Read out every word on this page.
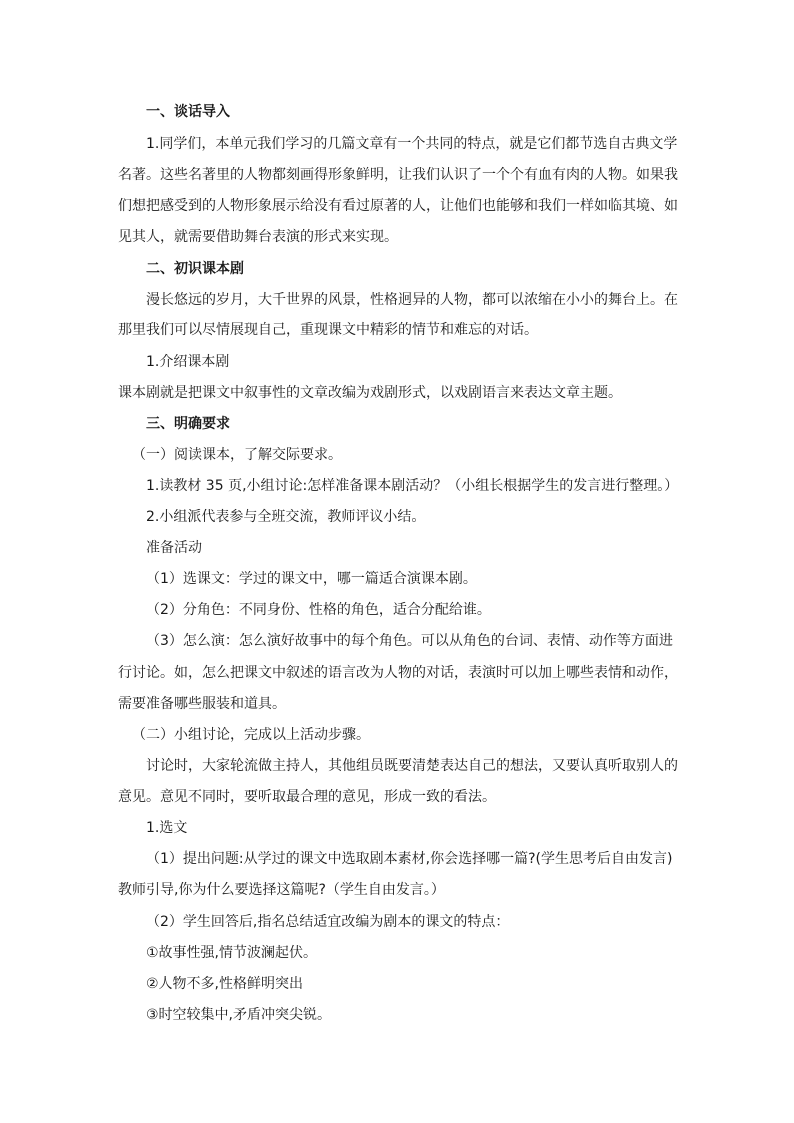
一、谈话导入
1.同学们，本单元我们学习的几篇文章有一个共同的特点，就是它们都节选自古典文学
名著。这些名著里的人物都刻画得形象鲜明，让我们认识了一个个有血有肉的人物。如果我
们想把感受到的人物形象展示给没有看过原著的人，让他们也能够和我们一样如临其境、如
见其人，就需要借助舞台表演的形式来实现。
二、初识课本剧
漫长悠远的岁月，大千世界的风景，性格迥异的人物，都可以浓缩在小小的舞台上。在
那里我们可以尽情展现自己，重现课文中精彩的情节和难忘的对话。
1.介绍课本剧
课本剧就是把课文中叙事性的文章改编为戏剧形式，以戏剧语言来表达文章主题。
三、明确要求
（一）阅读课本，了解交际要求。
1.读教材 35 页,小组讨论:怎样准备课本剧活动？（小组长根据学生的发言进行整理。）
2.小组派代表参与全班交流，教师评议小结。
准备活动
（1）选课文：学过的课文中，哪一篇适合演课本剧。
（2）分角色：不同身份、性格的角色，适合分配给谁。
（3）怎么演：怎么演好故事中的每个角色。可以从角色的台词、表情、动作等方面进
行讨论。如，怎么把课文中叙述的语言改为人物的对话，表演时可以加上哪些表情和动作，
需要准备哪些服装和道具。
（二）小组讨论，完成以上活动步骤。
讨论时，大家轮流做主持人，其他组员既要清楚表达自己的想法，又要认真听取别人的
意见。意见不同时，要听取最合理的意见，形成一致的看法。
1.选文
（1）提出问题:从学过的课文中选取剧本素材,你会选择哪一篇?(学生思考后自由发言)
教师引导,你为什么要选择这篇呢?（学生自由发言。）
（2）学生回答后,指名总结适宜改编为剧本的课文的特点：
①故事性强,情节波澜起伏。
②人物不多,性格鲜明突出
③时空较集中,矛盾冲突尖锐。
